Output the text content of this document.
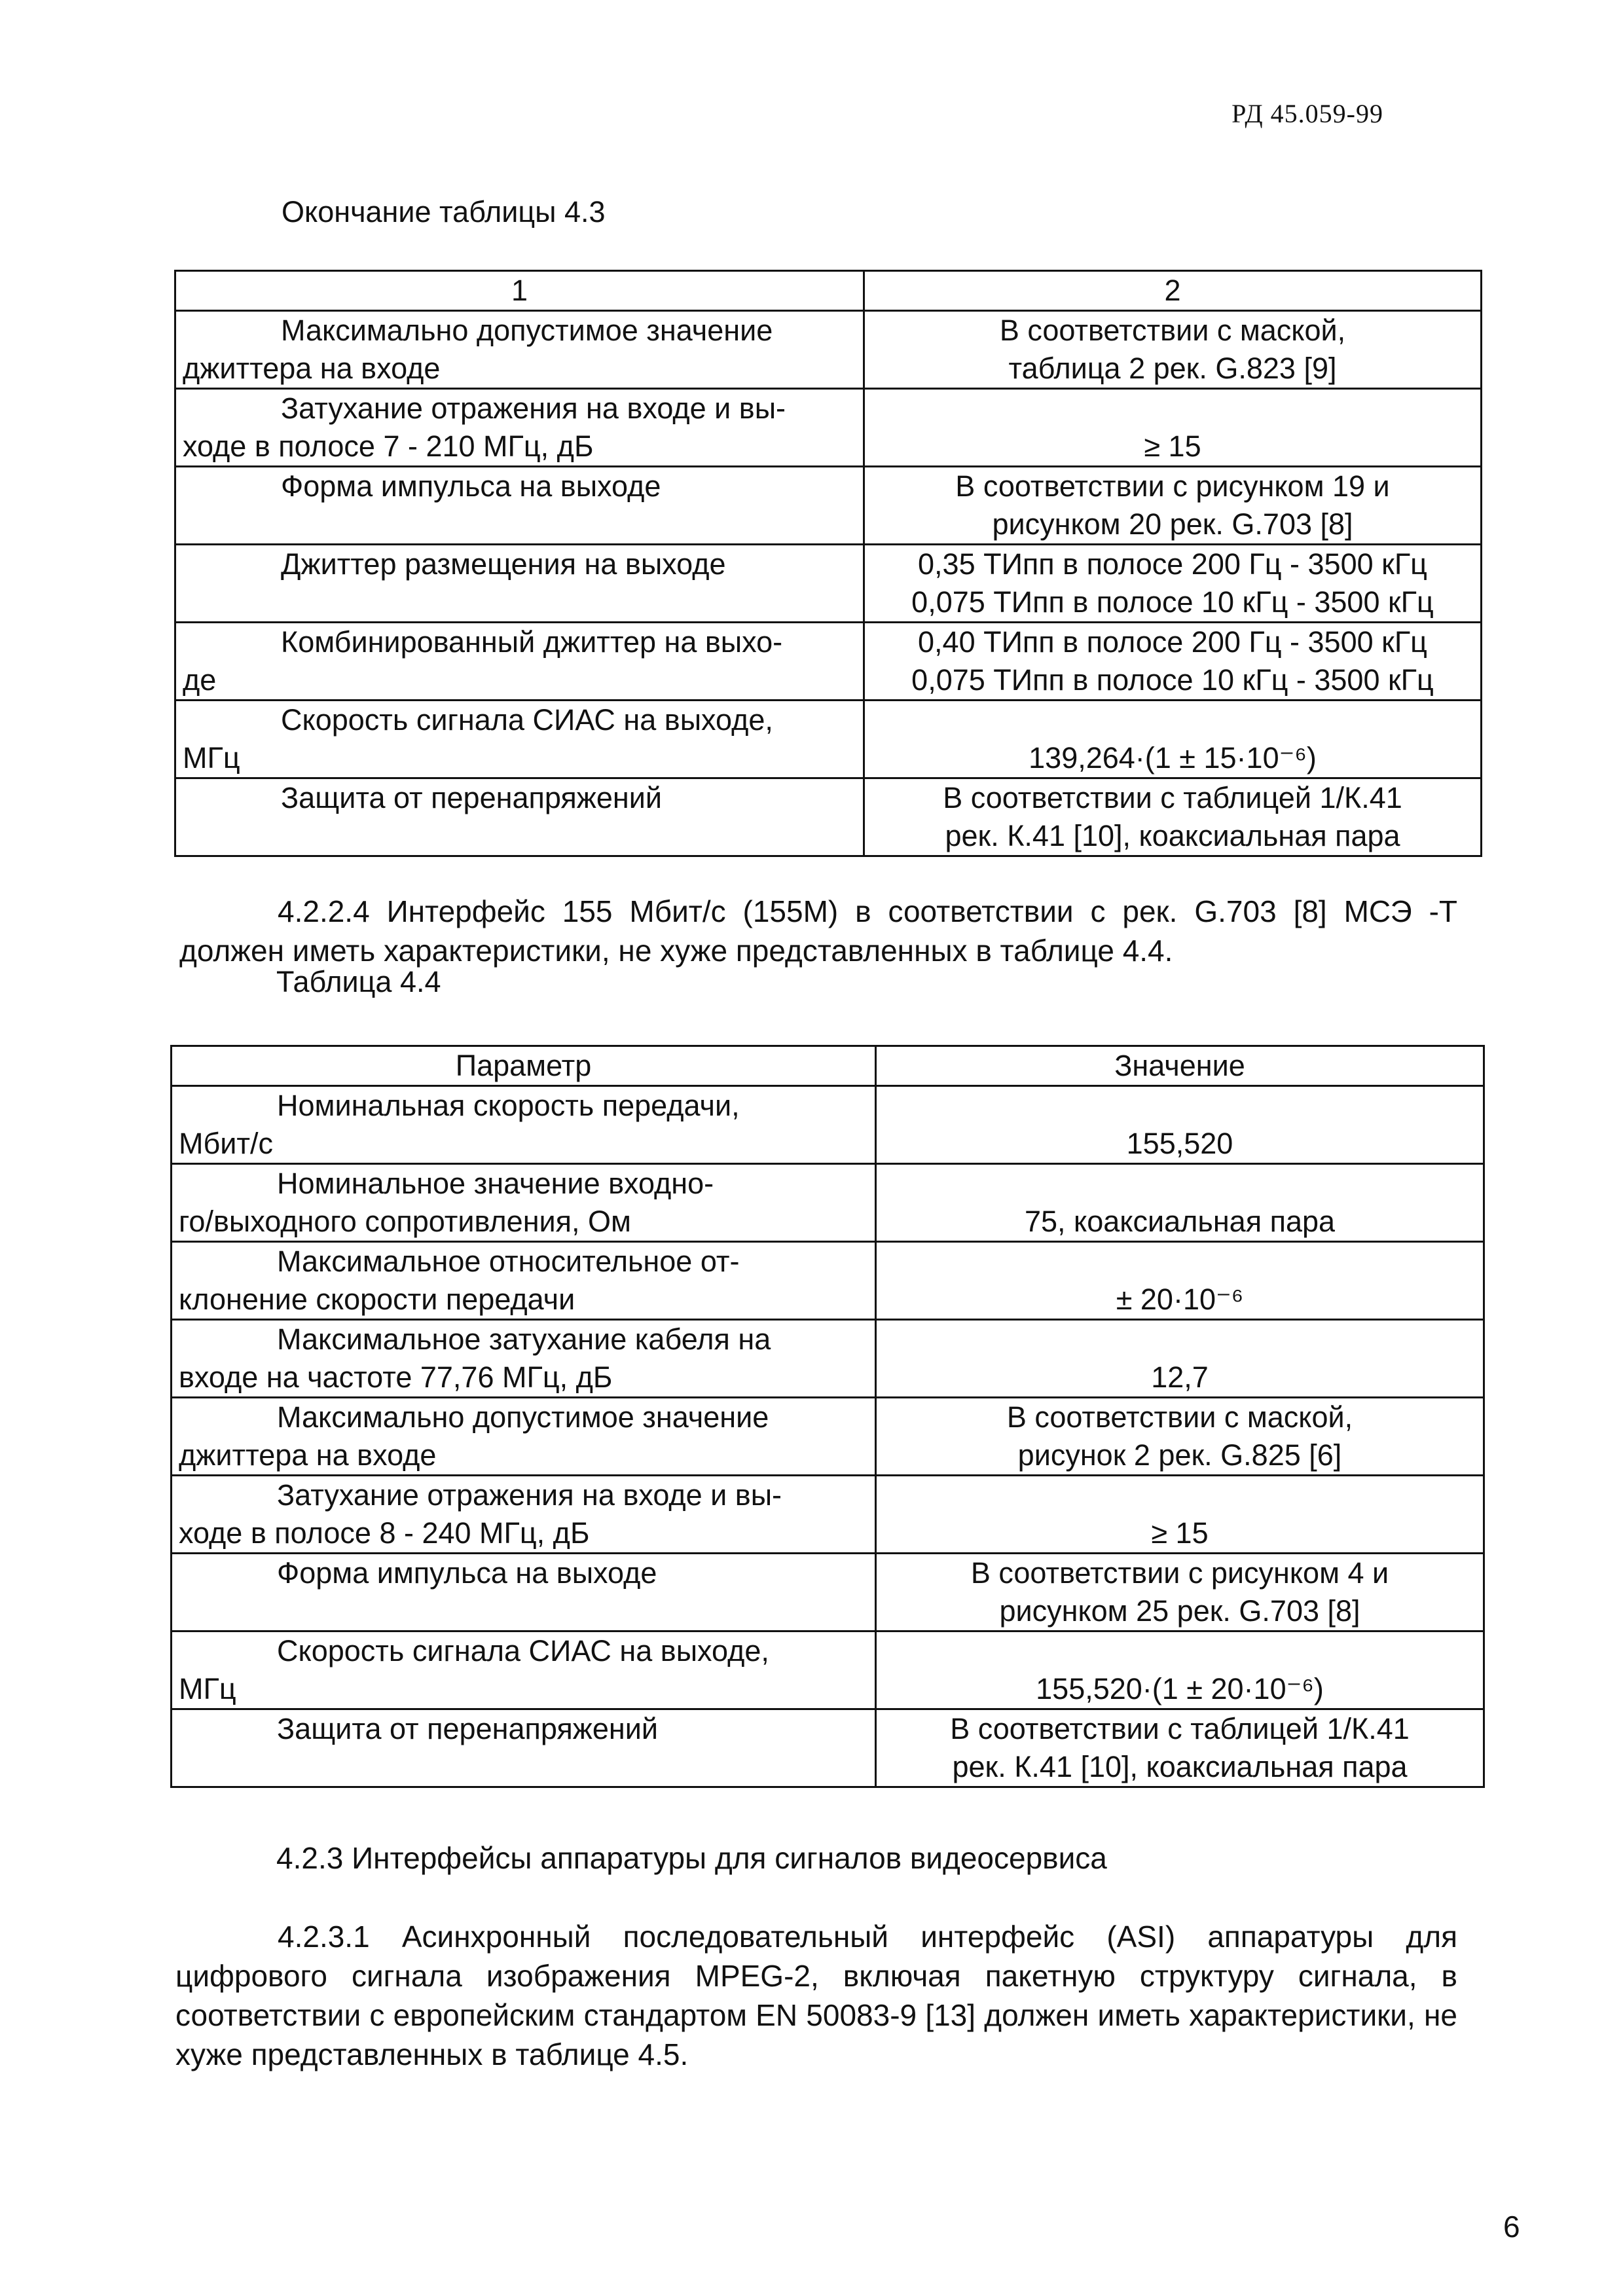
РД 45.059-99
Окончание таблицы 4.3
1	2

Максимально допустимое значение
джиттера на входе	В соответствии с маской,
таблица 2 рек. G.823 [9]

Затухание отражения на входе и вы-
ходе в полосе 7 - 210 МГц, дБ	≥ 15

Форма импульса на выходе	В соответствии с рисунком 19 и
рисунком 20 рек. G.703 [8]

Джиттер размещения на выходе	0,35 ТИпп в полосе 200 Гц - 3500 кГц
0,075 ТИпп в полосе 10 кГц - 3500 кГц

Комбинированный джиттер на выхо-
де	0,40 ТИпп в полосе 200 Гц - 3500 кГц
0,075 ТИпп в полосе 10 кГц - 3500 кГц

Скорость сигнала СИАС на выходе,
МГц	139,264·(1 ± 15·10⁻⁶)

Защита от перенапряжений	В соответствии с таблицей 1/К.41
рек. К.41 [10], коаксиальная пара
4.2.2.4 Интерфейс 155 Мбит/с (155М) в соответствии с рек. G.703 [8] МСЭ -Т должен иметь характеристики, не хуже представленных в таблице 4.4.
Таблица 4.4
Параметр	Значение

Номинальная скорость передачи,
Мбит/с	155,520

Номинальное значение входно-
го/выходного сопротивления, Ом	75, коаксиальная пара

Максимальное относительное от-
клонение скорости передачи	± 20·10⁻⁶

Максимальное затухание кабеля на
входе на частоте 77,76 МГц, дБ	12,7

Максимально допустимое значение
джиттера на входе	В соответствии с маской,
рисунок 2 рек. G.825 [6]

Затухание отражения на входе и вы-
ходе в полосе 8 - 240 МГц, дБ	≥ 15

Форма импульса на выходе	В соответствии с рисунком 4 и
рисунком 25 рек. G.703 [8]

Скорость сигнала СИАС на выходе,
МГц	155,520·(1 ± 20·10⁻⁶)

Защита от перенапряжений	В соответствии с таблицей 1/К.41
рек. К.41 [10], коаксиальная пара
4.2.3 Интерфейсы аппаратуры для сигналов видеосервиса
4.2.3.1 Асинхронный последовательный интерфейс (ASI) аппаратуры для цифрового сигнала изображения MPEG-2, включая пакетную структуру сигнала, в соответствии с европейским стандартом EN 50083-9 [13] должен иметь характеристики, не хуже представленных в таблице 4.5.
6
